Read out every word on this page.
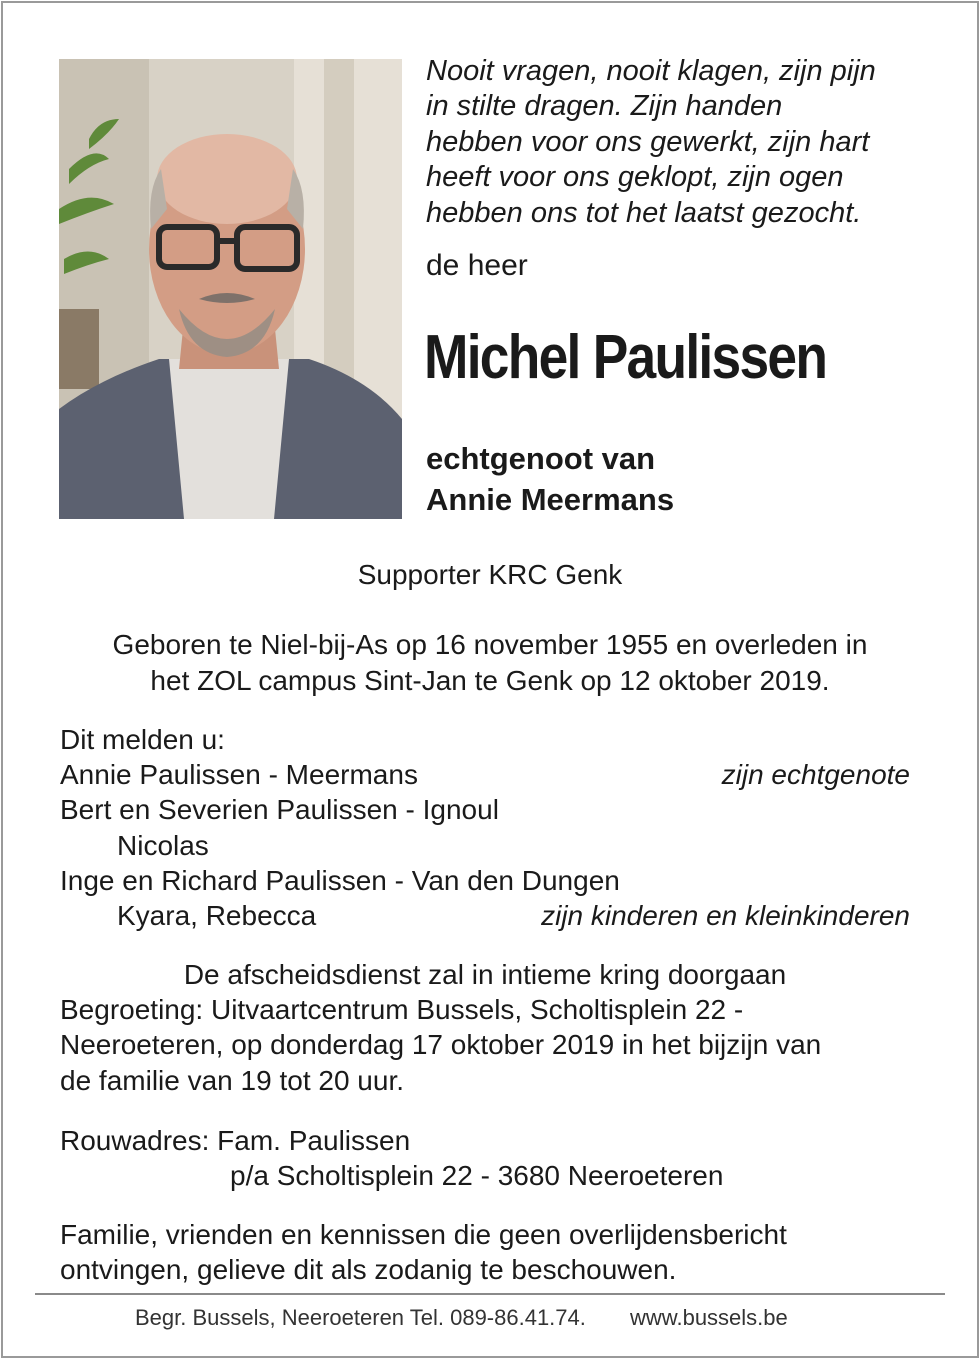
Nooit vragen, nooit klagen, zijn pijn
in stilte dragen. Zijn handen
hebben voor ons gewerkt, zijn hart
heeft voor ons geklopt, zijn ogen
hebben ons tot het laatst gezocht.
de heer
Michel Paulissen
echtgenoot van
Annie Meermans
Supporter KRC Genk
Geboren te Niel-bij-As op 16 november 1955 en overleden in
het ZOL campus Sint-Jan te Genk op 12 oktober 2019.
Dit melden u:
Annie Paulissen - Meermans	zijn echtgenote
Bert en Severien Paulissen - Ignoul
Nicolas
Inge en Richard Paulissen - Van den Dungen
Kyara, Rebecca	zijn kinderen en kleinkinderen
De afscheidsdienst zal in intieme kring doorgaan
Begroeting: Uitvaartcentrum Bussels, Scholtisplein 22 -
Neeroeteren, op donderdag 17 oktober 2019 in het bijzijn van
de familie van 19 tot 20 uur.
Rouwadres: Fam. Paulissen
p/a Scholtisplein 22 - 3680 Neeroeteren
Familie, vrienden en kennissen die geen overlijdensbericht
ontvingen, gelieve dit als zodanig te beschouwen.
Begr. Bussels, Neeroeteren Tel. 089-86.41.74. www.bussels.be
